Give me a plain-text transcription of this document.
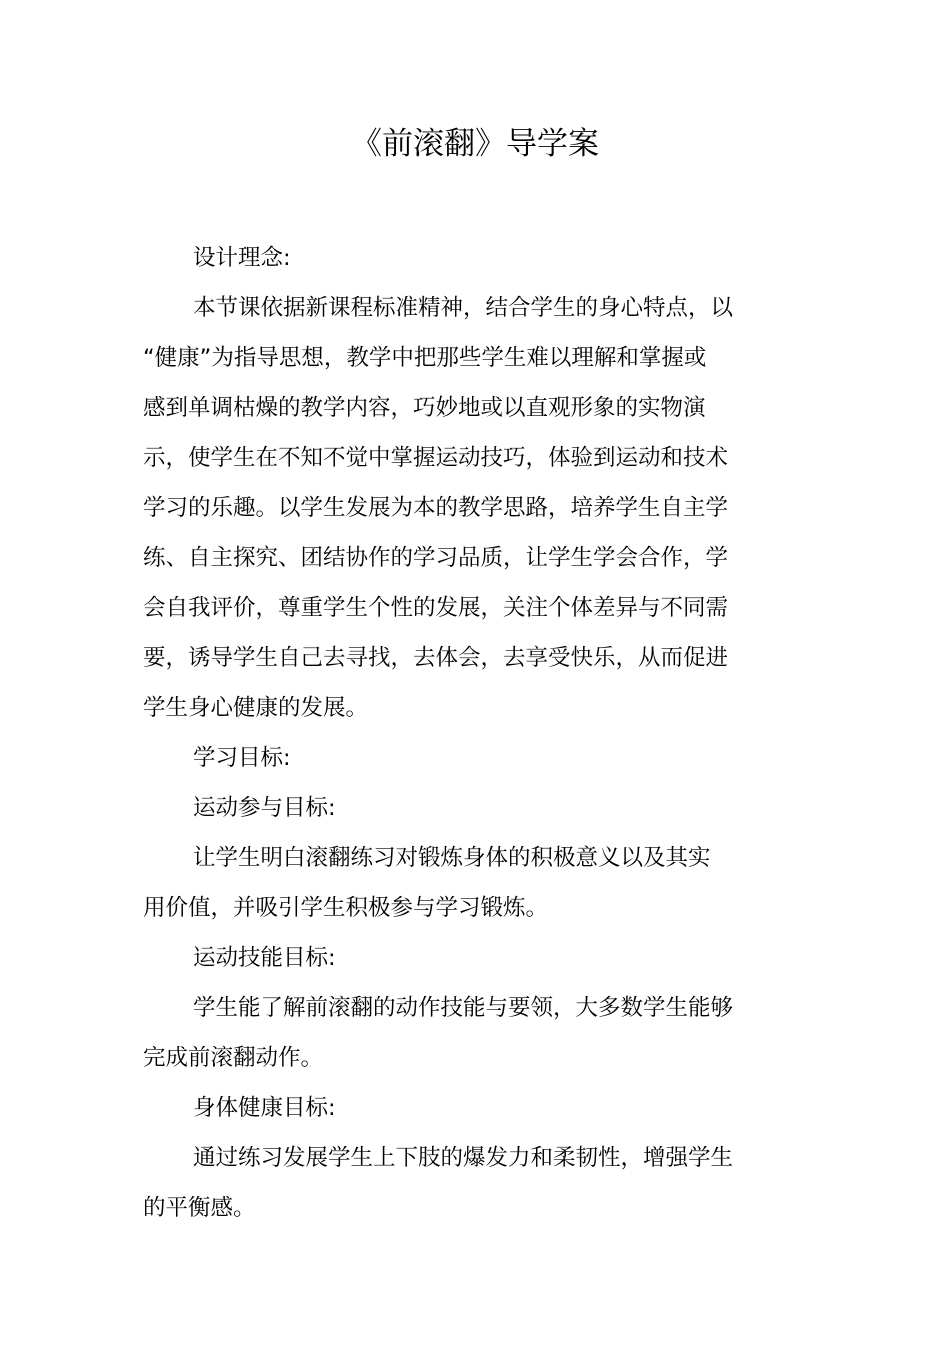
《前滚翻》导学案
设计理念:
本节课依据新课程标准精神，结合学生的身心特点，以
“健康”为指导思想，教学中把那些学生难以理解和掌握或
感到单调枯燥的教学内容，巧妙地或以直观形象的实物演
示，使学生在不知不觉中掌握运动技巧，体验到运动和技术
学习的乐趣。以学生发展为本的教学思路，培养学生自主学
练、自主探究、团结协作的学习品质，让学生学会合作，学
会自我评价，尊重学生个性的发展，关注个体差异与不同需
要，诱导学生自己去寻找，去体会，去享受快乐，从而促进
学生身心健康的发展。
学习目标:
运动参与目标:
让学生明白滚翻练习对锻炼身体的积极意义以及其实
用价值，并吸引学生积极参与学习锻炼。
运动技能目标:
学生能了解前滚翻的动作技能与要领，大多数学生能够
完成前滚翻动作。
身体健康目标:
通过练习发展学生上下肢的爆发力和柔韧性，增强学生
的平衡感。
